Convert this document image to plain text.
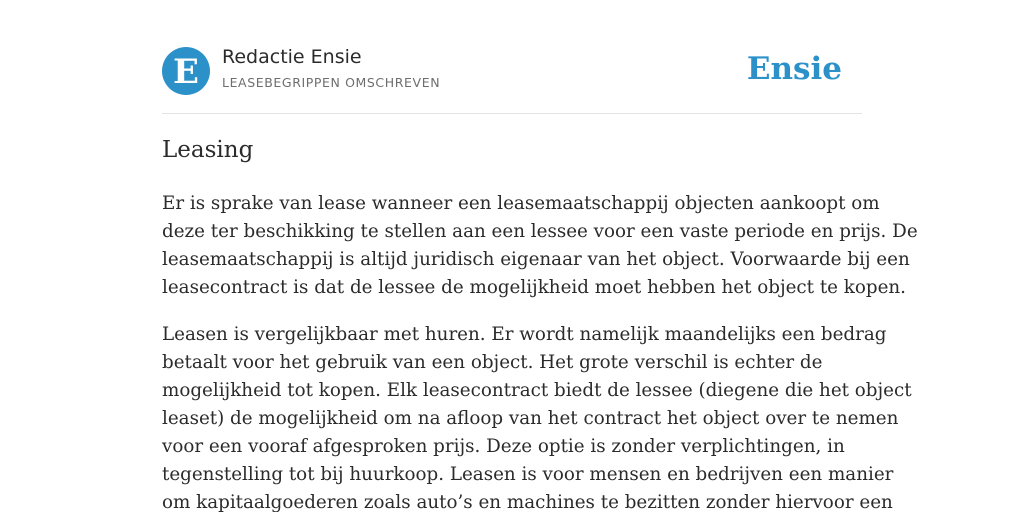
E Redactie Ensie
LEASEBEGRIPPEN OMSCHREVEN	Ensie
Leasing

Er is sprake van lease wanneer een leasemaatschappij objecten aankoopt om
deze ter beschikking te stellen aan een lessee voor een vaste periode en prijs. De
leasemaatschappij is altijd juridisch eigenaar van het object. Voorwaarde bij een
leasecontract is dat de lessee de mogelijkheid moet hebben het object te kopen.

Leasen is vergelijkbaar met huren. Er wordt namelijk maandelijks een bedrag
betaalt voor het gebruik van een object. Het grote verschil is echter de
mogelijkheid tot kopen. Elk leasecontract biedt de lessee (diegene die het object
leaset) de mogelijkheid om na afloop van het contract het object over te nemen
voor een vooraf afgesproken prijs. Deze optie is zonder verplichtingen, in
tegenstelling tot bij huurkoop. Leasen is voor mensen en bedrijven een manier
om kapitaalgoederen zoals auto’s en machines te bezitten zonder hiervoor een
